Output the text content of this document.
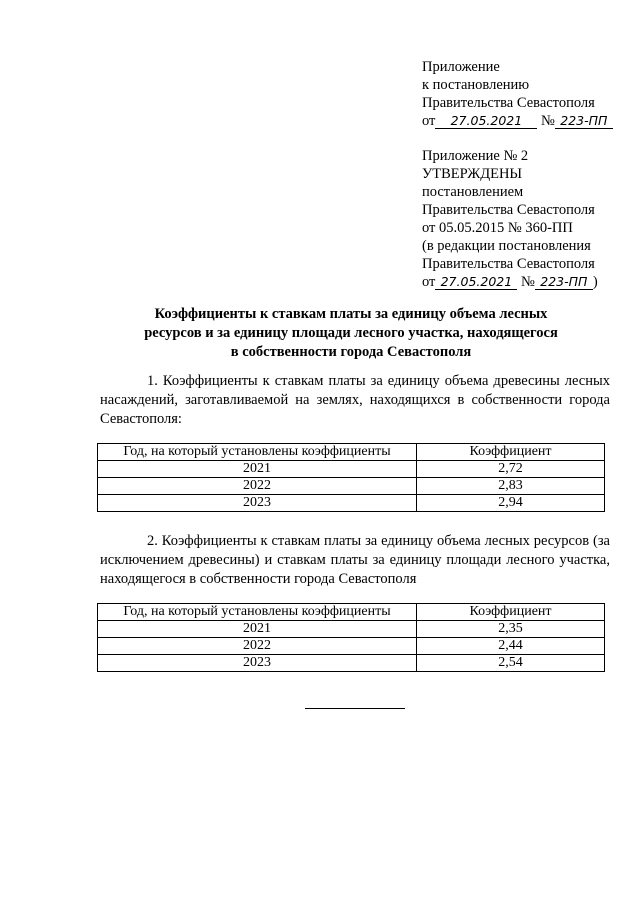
Приложение
к постановлению
Правительства Севастополя
от 27.05.2021 № 223-ПП
Приложение № 2
УТВЕРЖДЕНЫ
постановлением
Правительства Севастополя
от 05.05.2015 № 360-ПП
(в редакции постановления
Правительства Севастополя
от 27.05.2021 № 223-ПП )
Коэффициенты к ставкам платы за единицу объема лесных
ресурсов и за единицу площади лесного участка, находящегося
в собственности города Севастополя
1. Коэффициенты к ставкам платы за единицу объема древесины лесных насаждений, заготавливаемой на землях, находящихся в собственности города Севастополя:
Год, на который установлены коэффициенты	Коэффициент
2021	2,72
2022	2,83
2023	2,94
2. Коэффициенты к ставкам платы за единицу объема лесных ресурсов (за исключением древесины) и ставкам платы за единицу площади лесного участка, находящегося в собственности города Севастополя
Год, на который установлены коэффициенты	Коэффициент
2021	2,35
2022	2,44
2023	2,54
